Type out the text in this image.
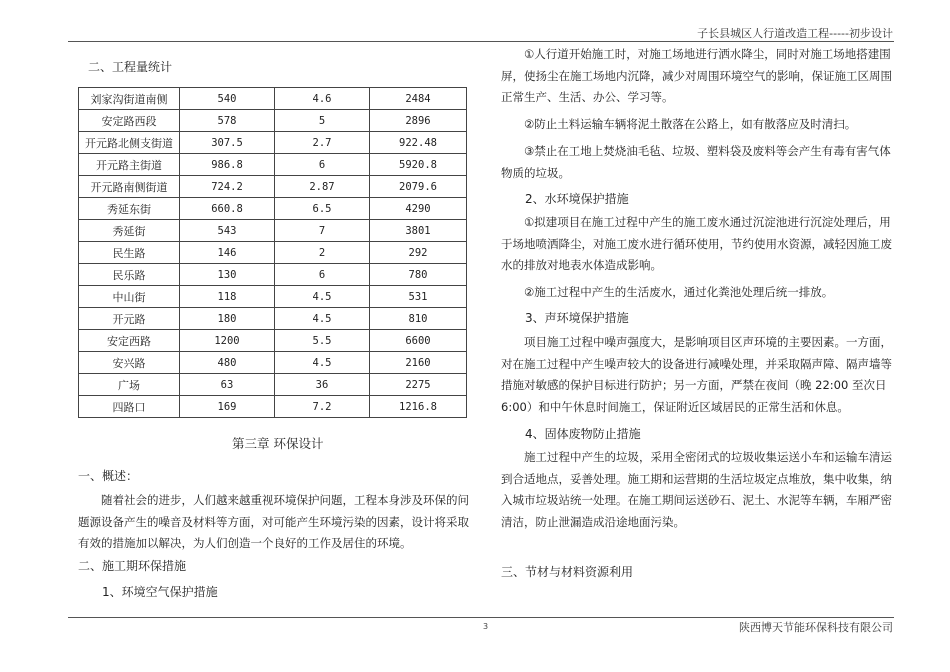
子长县城区人行道改造工程-----初步设计
二、工程量统计
刘家沟街道南侧	540	4.6	2484
安定路西段	578	5	2896
开元路北侧支街道	307.5	2.7	922.48
开元路主街道	986.8	6	5920.8
开元路南侧街道	724.2	2.87	2079.6
秀延东街	660.8	6.5	4290
秀延街	543	7	3801
民生路	146	2	292
民乐路	130	6	780
中山街	118	4.5	531
开元路	180	4.5	810
安定西路	1200	5.5	6600
安兴路	480	4.5	2160
广场	63	36	2275
四路口	169	7.2	1216.8
第三章 环保设计
一、概述：
随着社会的进步，人们越来越重视环境保护问题，工程本身涉及环保的问题源设备产生的噪音及材料等方面，对可能产生环境污染的因素，设计将采取有效的措施加以解决，为人们创造一个良好的工作及居住的环境。
二、施工期环保措施
1、环境空气保护措施
①人行道开始施工时，对施工场地进行洒水降尘，同时对施工场地搭建围屏，使扬尘在施工场地内沉降，减少对周围环境空气的影响，保证施工区周围正常生产、生活、办公、学习等。
②防止土料运输车辆将泥土散落在公路上，如有散落应及时清扫。
③禁止在工地上焚烧油毛毡、垃圾、塑料袋及废料等会产生有毒有害气体物质的垃圾。
2、水环境保护措施
①拟建项目在施工过程中产生的施工废水通过沉淀池进行沉淀处理后，用于场地喷洒降尘，对施工废水进行循环使用，节约使用水资源，减轻因施工废水的排放对地表水体造成影响。
②施工过程中产生的生活废水，通过化粪池处理后统一排放。
3、声环境保护措施
项目施工过程中噪声强度大，是影响项目区声环境的主要因素。一方面，对在施工过程中产生噪声较大的设备进行减噪处理，并采取隔声障、隔声墙等措施对敏感的保护目标进行防护；另一方面，严禁在夜间（晚 22:00 至次日 6:00）和中午休息时间施工，保证附近区域居民的正常生活和休息。
4、固体废物防止措施
施工过程中产生的垃圾，采用全密闭式的垃圾收集运送小车和运输车清运到合适地点，妥善处理。施工期和运营期的生活垃圾定点堆放，集中收集，纳入城市垃圾站统一处理。在施工期间运送砂石、泥土、水泥等车辆，车厢严密清洁，防止泄漏造成沿途地面污染。
三、节材与材料资源利用
3	陕西博天节能环保科技有限公司
